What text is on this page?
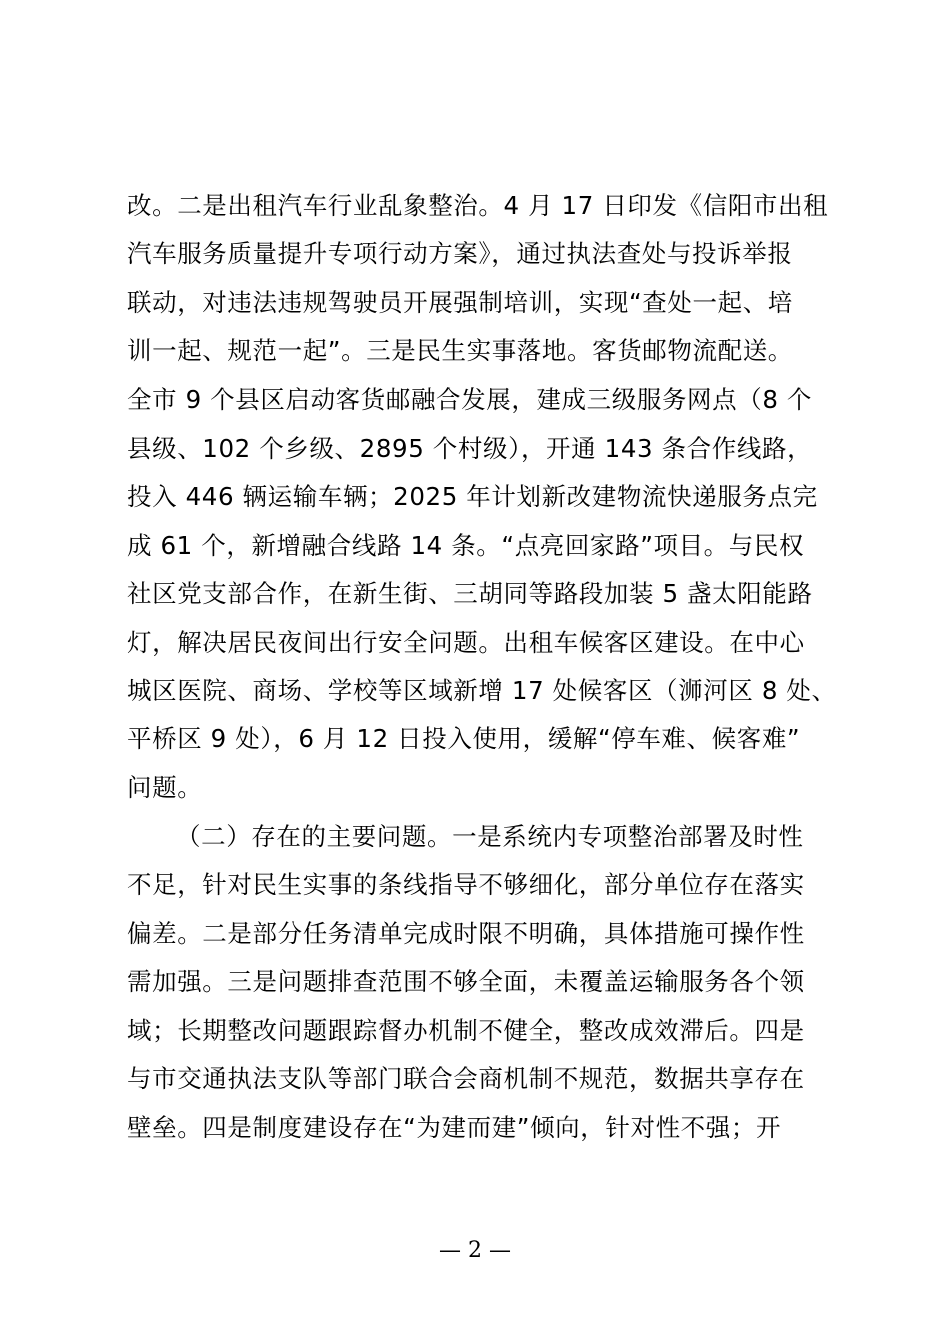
改。二是出租汽车行业乱象整治。4 月 17 日印发《信阳市出租
汽车服务质量提升专项行动方案》，通过执法查处与投诉举报
联动，对违法违规驾驶员开展强制培训，实现“查处一起、培
训一起、规范一起”。三是民生实事落地。客货邮物流配送。
全市 9 个县区启动客货邮融合发展，建成三级服务网点（8 个
县级、102 个乡级、2895 个村级），开通 143 条合作线路，
投入 446 辆运输车辆；2025 年计划新改建物流快递服务点完
成 61 个，新增融合线路 14 条。“点亮回家路”项目。与民权
社区党支部合作，在新生街、三胡同等路段加装 5 盏太阳能路
灯，解决居民夜间出行安全问题。出租车候客区建设。在中心
城区医院、商场、学校等区域新增 17 处候客区（浉河区 8 处、
平桥区 9 处），6 月 12 日投入使用，缓解“停车难、候客难”
问题。
（二）存在的主要问题。一是系统内专项整治部署及时性
不足，针对民生实事的条线指导不够细化，部分单位存在落实
偏差。二是部分任务清单完成时限不明确，具体措施可操作性
需加强。三是问题排查范围不够全面，未覆盖运输服务各个领
域；长期整改问题跟踪督办机制不健全，整改成效滞后。四是
与市交通执法支队等部门联合会商机制不规范，数据共享存在
壁垒。四是制度建设存在“为建而建”倾向，针对性不强；开
— 2 —
